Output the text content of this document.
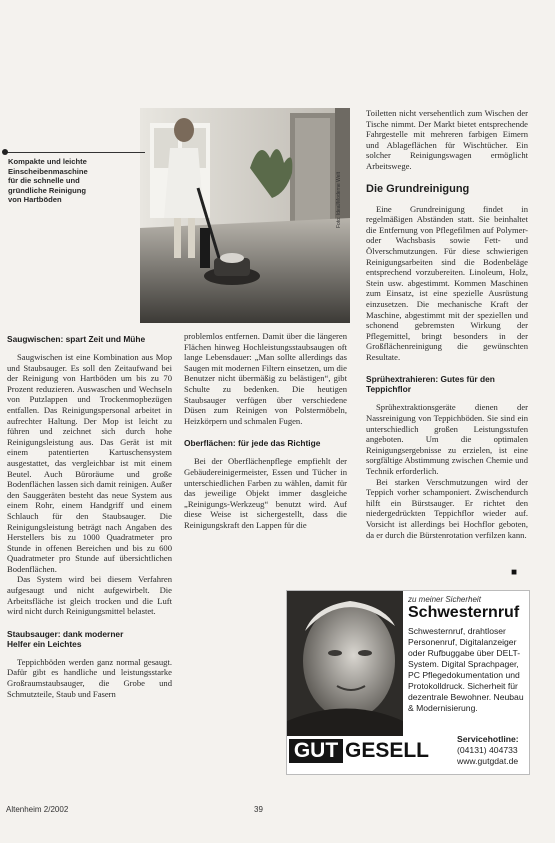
Foto: Ideal/Moderne Welt
Kompakte und leichte Einscheibenmaschine für die schnelle und gründliche Reinigung von Hartböden
Saugwischen: spart Zeit und Mühe

Saugwischen ist eine Kombination aus Mop und Staubsauger. Es soll den Zeitaufwand bei der Reinigung von Hartböden um bis zu 70 Prozent reduzieren. Auswaschen und Wechseln von Putzlappen und Trockenmopbezügen entfallen. Das Reinigungspersonal arbeitet in aufrechter Haltung. Der Mop ist leicht zu führen und zeichnet sich durch hohe Reinigungsleistung aus. Das Gerät ist mit einem patentierten Kartuschensystem ausgestattet, das vergleichbar ist mit einem Beutel. Auch Büroräume und große Bodenflächen lassen sich damit reinigen. Außer den Sauggeräten besteht das neue System aus einem Rohr, einem Handgriff und einem Schlauch für den Staubsauger. Die Reinigungsleistung beträgt nach Angaben des Herstellers bis zu 1000 Quadratmeter pro Stunde in offenen Bereichen und bis zu 600 Quadratmeter pro Stunde auf übersichtlichen Bodenflächen.

Das System wird bei diesem Verfahren aufgesaugt und nicht aufgewirbelt. Die Arbeitsfläche ist gleich trocken und die Luft wird nicht durch Reinigungsmittel belastet.

Staubsauger: dank moderner Helfer ein Leichtes

Teppichböden werden ganz normal gesaugt. Dafür gibt es handliche und leistungsstarke Großraumstaubsauger, die Grobe und Schmutzteile, Staub und Fasern

problemlos entfernen. Damit über die längeren Flächen hinweg Hochleistungsstaubsaugen oft lange Lebensdauer: „Man sollte allerdings das Saugen mit modernen Filtern einsetzen, um die Benutzer nicht übermäßig zu belästigen“, gibt Schulte zu bedenken. Die heutigen Staubsauger verfügen über verschiedene Düsen zum Reinigen von Polstermöbeln, Heizkörpern und schmalen Fugen.

Oberflächen: für jede das Richtige

Bei der Oberflächenpflege empfiehlt der Gebäudereinigermeister, Essen und Tücher in unterschiedlichen Farben zu wählen, damit für das jeweilige Objekt immer dasgleiche „Reinigungs-Werkzeug“ benutzt wird. Auf diese Weise ist sichergestellt, dass die Reinigungskraft den Lappen für die

Toiletten nicht versehentlich zum Wischen der Tische nimmt. Der Markt bietet entsprechende Fahrgestelle mit mehreren farbigen Eimern und Ablageflächen für Wischtücher. Ein solcher Reinigungswagen ermöglicht Arbeitswege.

Die Grundreinigung

Eine Grundreinigung findet in regelmäßigen Abständen statt. Sie beinhaltet die Entfernung von Pflegefilmen auf Polymer- oder Wachsbasis sowie Fett- und Ölverschmutzungen. Für diese schwierigen Reinigungsarbeiten sind die Bodenbeläge entsprechend vorzubereiten. Linoleum, Holz, Stein usw. abgestimmt. Kommen Maschinen zum Einsatz, ist eine spezielle Ausrüstung einzusetzen. Die mechanische Kraft der Maschine, abgestimmt mit der speziellen und schonend gebremsten Wirkung der Pflegemittel, bringt besonders in der Großflächenreinigung die gewünschten Resultate.

Sprühextrahieren: Gutes für den Teppichflor

Sprühextraktionsgeräte dienen der Nassreinigung von Teppichböden. Sie sind ein unterschiedlich großen Leistungsstufen angeboten. Um die optimalen Reinigungsergebnisse zu erzielen, ist eine sorgfältige Abstimmung zwischen Chemie und Technik erforderlich.

Bei starken Verschmutzungen wird der Teppich vorher schamponiert. Zwischendurch hilft ein Bürstsauger. Er richtet den niedergedrückten Teppichflor wieder auf. Vorsicht ist allerdings bei Hochflor geboten, da er durch die Bürstenrotation verfilzen kann.

■
zu meiner Sicherheit
Schwesternruf
Schwesternruf, drahtloser Personenruf, Digitalanzeiger oder Rufbuggabe über DELT-System. Digital Sprachpager, PC Pflegedokumentation und Protokolldruck. Sicherheit für dezentrale Bewohner. Neubau & Modernisierung.
Servicehotline:
(04131) 404733
www.gutgdat.de
GUT GESELL
Altenheim 2/2002	39
